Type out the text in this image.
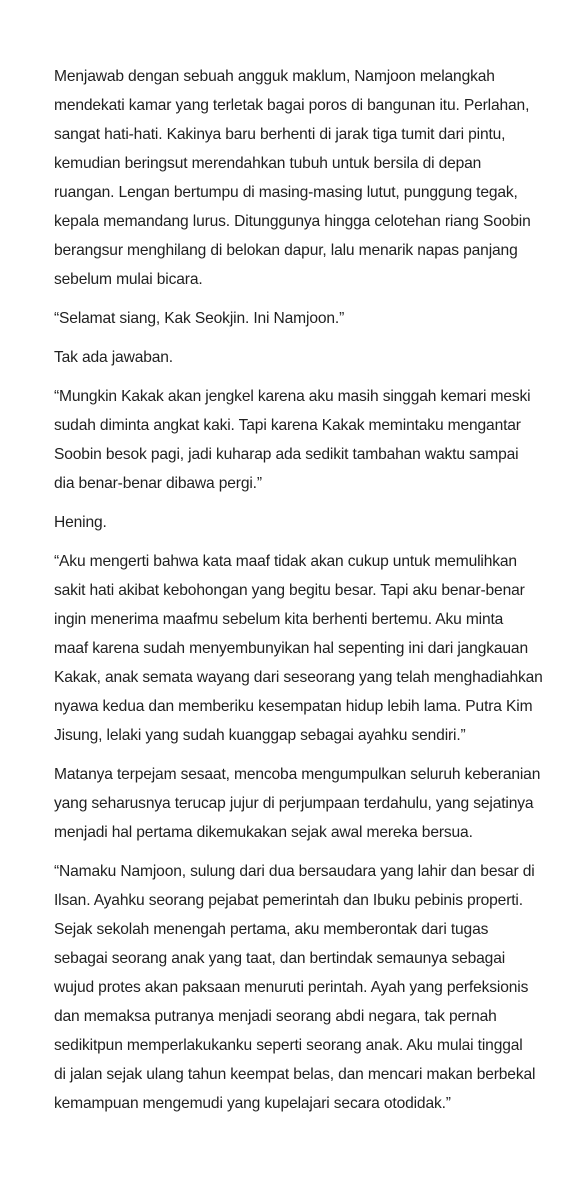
Menjawab dengan sebuah angguk maklum, Namjoon melangkah
mendekati kamar yang terletak bagai poros di bangunan itu. Perlahan,
sangat hati-hati. Kakinya baru berhenti di jarak tiga tumit dari pintu,
kemudian beringsut merendahkan tubuh untuk bersila di depan
ruangan. Lengan bertumpu di masing-masing lutut, punggung tegak,
kepala memandang lurus. Ditunggunya hingga celotehan riang Soobin
berangsur menghilang di belokan dapur, lalu menarik napas panjang
sebelum mulai bicara.

“Selamat siang, Kak Seokjin. Ini Namjoon.”

Tak ada jawaban.

“Mungkin Kakak akan jengkel karena aku masih singgah kemari meski
sudah diminta angkat kaki. Tapi karena Kakak memintaku mengantar
Soobin besok pagi, jadi kuharap ada sedikit tambahan waktu sampai
dia benar-benar dibawa pergi.”

Hening.

“Aku mengerti bahwa kata maaf tidak akan cukup untuk memulihkan
sakit hati akibat kebohongan yang begitu besar. Tapi aku benar-benar
ingin menerima maafmu sebelum kita berhenti bertemu. Aku minta
maaf karena sudah menyembunyikan hal sepenting ini dari jangkauan
Kakak, anak semata wayang dari seseorang yang telah menghadiahkan
nyawa kedua dan memberiku kesempatan hidup lebih lama. Putra Kim
Jisung, lelaki yang sudah kuanggap sebagai ayahku sendiri.”

Matanya terpejam sesaat, mencoba mengumpulkan seluruh keberanian
yang seharusnya terucap jujur di perjumpaan terdahulu, yang sejatinya
menjadi hal pertama dikemukakan sejak awal mereka bersua.

“Namaku Namjoon, sulung dari dua bersaudara yang lahir dan besar di
Ilsan. Ayahku seorang pejabat pemerintah dan Ibuku pebinis properti.
Sejak sekolah menengah pertama, aku memberontak dari tugas
sebagai seorang anak yang taat, dan bertindak semaunya sebagai
wujud protes akan paksaan menuruti perintah. Ayah yang perfeksionis
dan memaksa putranya menjadi seorang abdi negara, tak pernah
sedikitpun memperlakukanku seperti seorang anak. Aku mulai tinggal
di jalan sejak ulang tahun keempat belas, dan mencari makan berbekal
kemampuan mengemudi yang kupelajari secara otodidak.”
